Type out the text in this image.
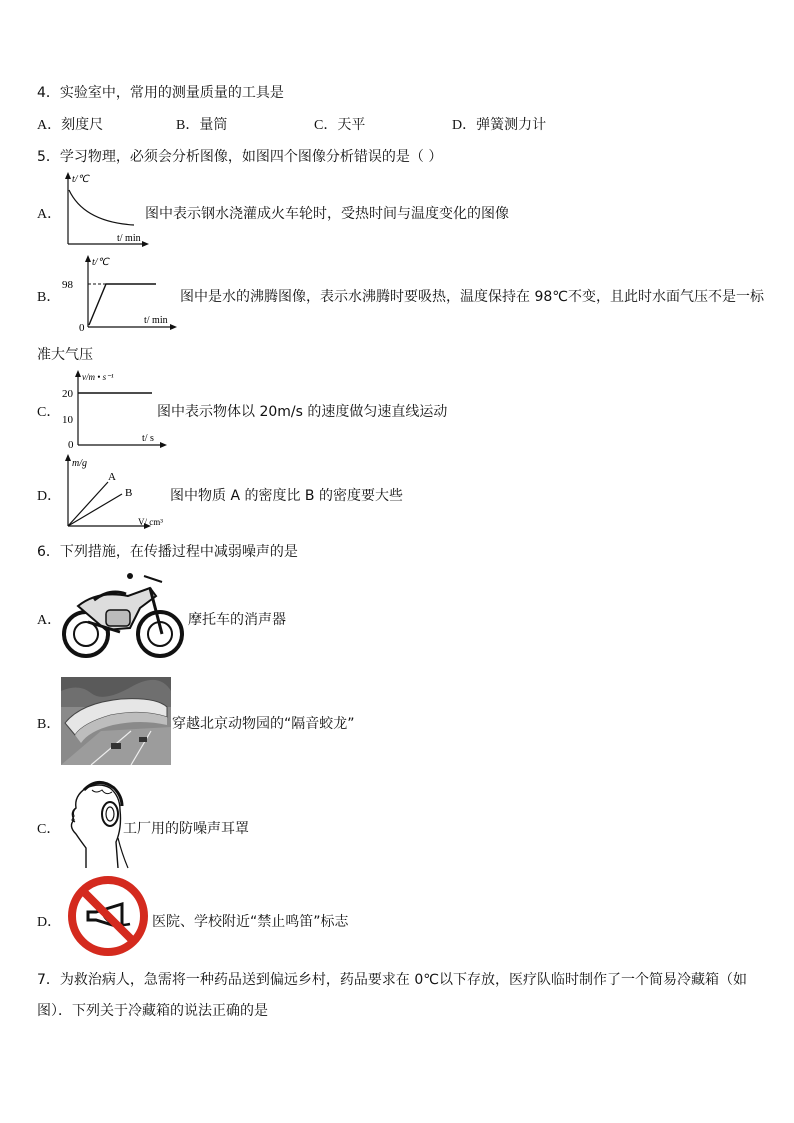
4．实验室中，常用的测量质量的工具是
A．刻度尺	B．量筒	C．天平	D．弹簧测力计
5．学习物理，必须会分析图像，如图四个图像分析错误的是（ ）
A．
t/℃
t/ min
图中表示钢水浇灌成火车轮时，受热时间与温度变化的图像
B．
98
0
t/℃
t/ min
图中是水的沸腾图像，表示水沸腾时要吸热，温度保持在 98℃不变，且此时水面气压不是一标
准大气压
C．
20
10
0
v/m • s⁻¹
t/ s
图中表示物体以 20m/s 的速度做匀速直线运动
D．
A
B
m/g
V/ cm³
图中物质 A 的密度比 B 的密度要大些
6．下列措施，在传播过程中减弱噪声的是
A．	摩托车的消声器
B．	穿越北京动物园的“隔音蛟龙”
C．	工厂用的防噪声耳罩
D．	医院、学校附近“禁止鸣笛”标志
7．为救治病人，急需将一种药品送到偏远乡村，药品要求在 0℃以下存放，医疗队临时制作了一个简易冷藏箱（如
图）．下列关于冷藏箱的说法正确的是
